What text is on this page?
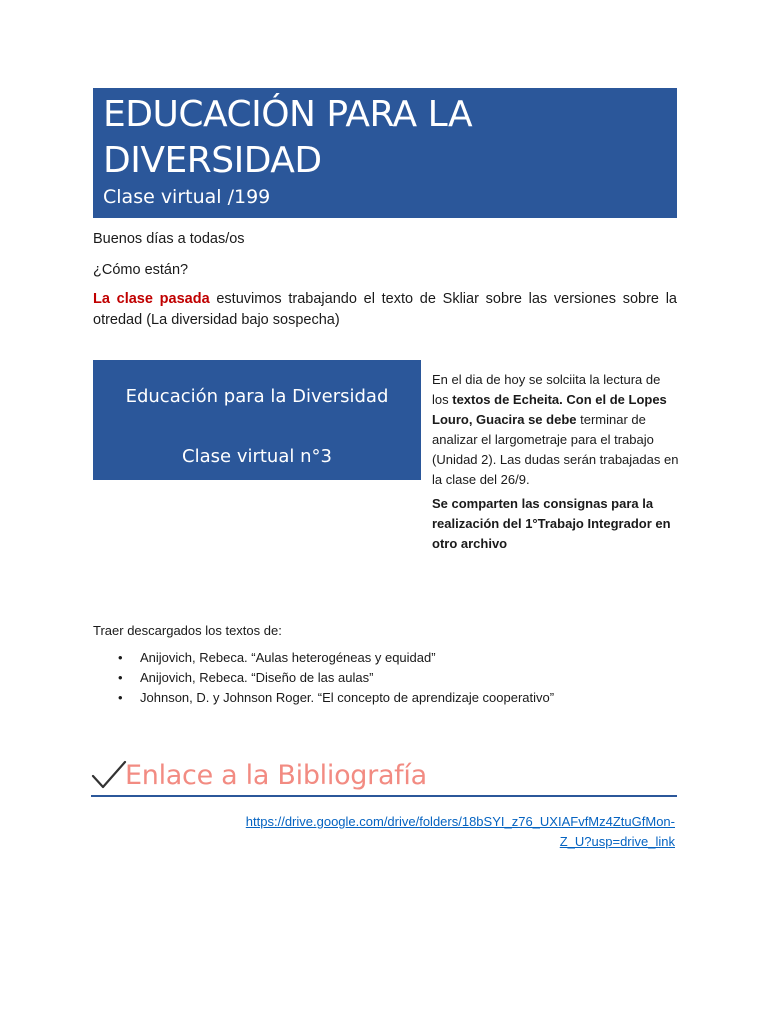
EDUCACIÓN PARA LA
DIVERSIDAD

Clase virtual /199

Buenos días a todas/os

¿Cómo están?

La clase pasada estuvimos trabajando el texto de Skliar sobre las versiones sobre la otredad (La diversidad bajo sospecha)

Educación para la Diversidad
Clase virtual n°3

En el dia de hoy se solciita la lectura de los textos de Echeita. Con el de Lopes Louro, Guacira se debe terminar de analizar el largometraje para el trabajo (Unidad 2). Las dudas serán trabajadas en la clase del 26/9.

Se comparten las consignas para la realización del 1°Trabajo Integrador en otro archivo

Traer descargados los textos de:

• Anijovich, Rebeca. “Aulas heterogéneas y equidad”
• Anijovich, Rebeca. “Diseño de las aulas”
• Johnson, D. y Johnson Roger. “El concepto de aprendizaje cooperativo”
Enlace a la Bibliografía
https://drive.google.com/drive/folders/18bSYI_z76_UXIAFvfMz4ZtuGfMon-
Z_U?usp=drive_link
